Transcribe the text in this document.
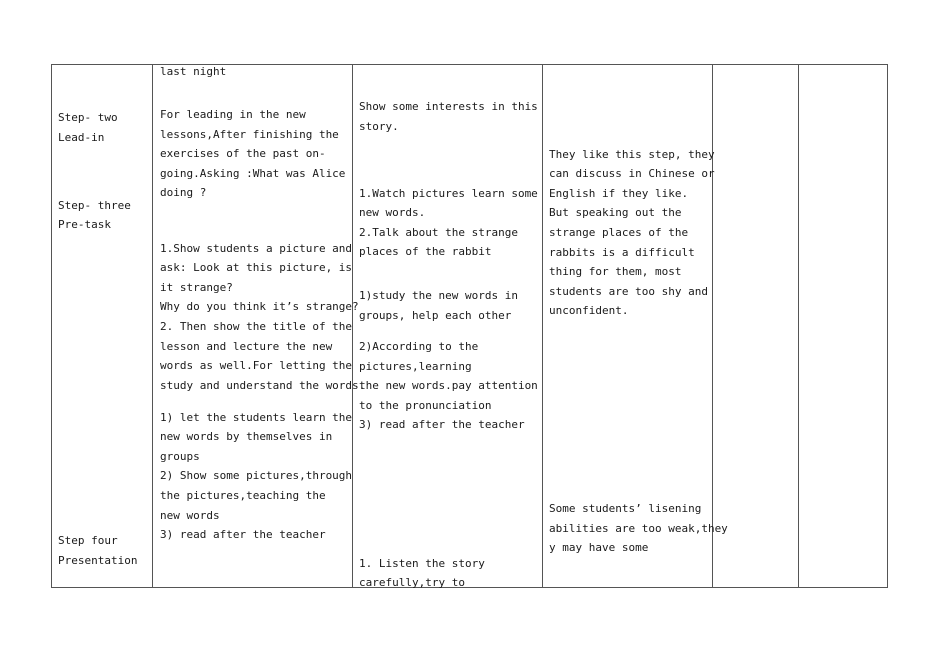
Step- two
Lead-in
Step- three
Pre-task
Step four
Presentation
last night
For leading in the new
lessons,After finishing the
exercises of the past on-
going.Asking :What was Alice
doing ?
1.Show students a picture and
ask: Look at this picture, is
it strange?
Why do you think it’s strange?
2. Then show the title of the
lesson and lecture the new
words as well.For letting the
study and understand the words.
1) let the students learn the
new words by themselves in
groups
2) Show some pictures,through
the pictures,teaching the
new words
3) read after the teacher
Show some interests in this
story.
1.Watch pictures learn some
new words.
2.Talk about the strange
places of the rabbit
1)study the new words in
groups, help each other
2)According to the
pictures,learning
the new words.pay attention
to the pronunciation
3) read after the teacher
1. Listen the story
carefully,try to
They like this step, they
can discuss in Chinese or
English if they like.
But speaking out the
strange places of the
rabbits is a difficult
thing for them, most
students are too shy and
unconfident.
Some students’ lisening
abilities are too weak,they
y may have some
